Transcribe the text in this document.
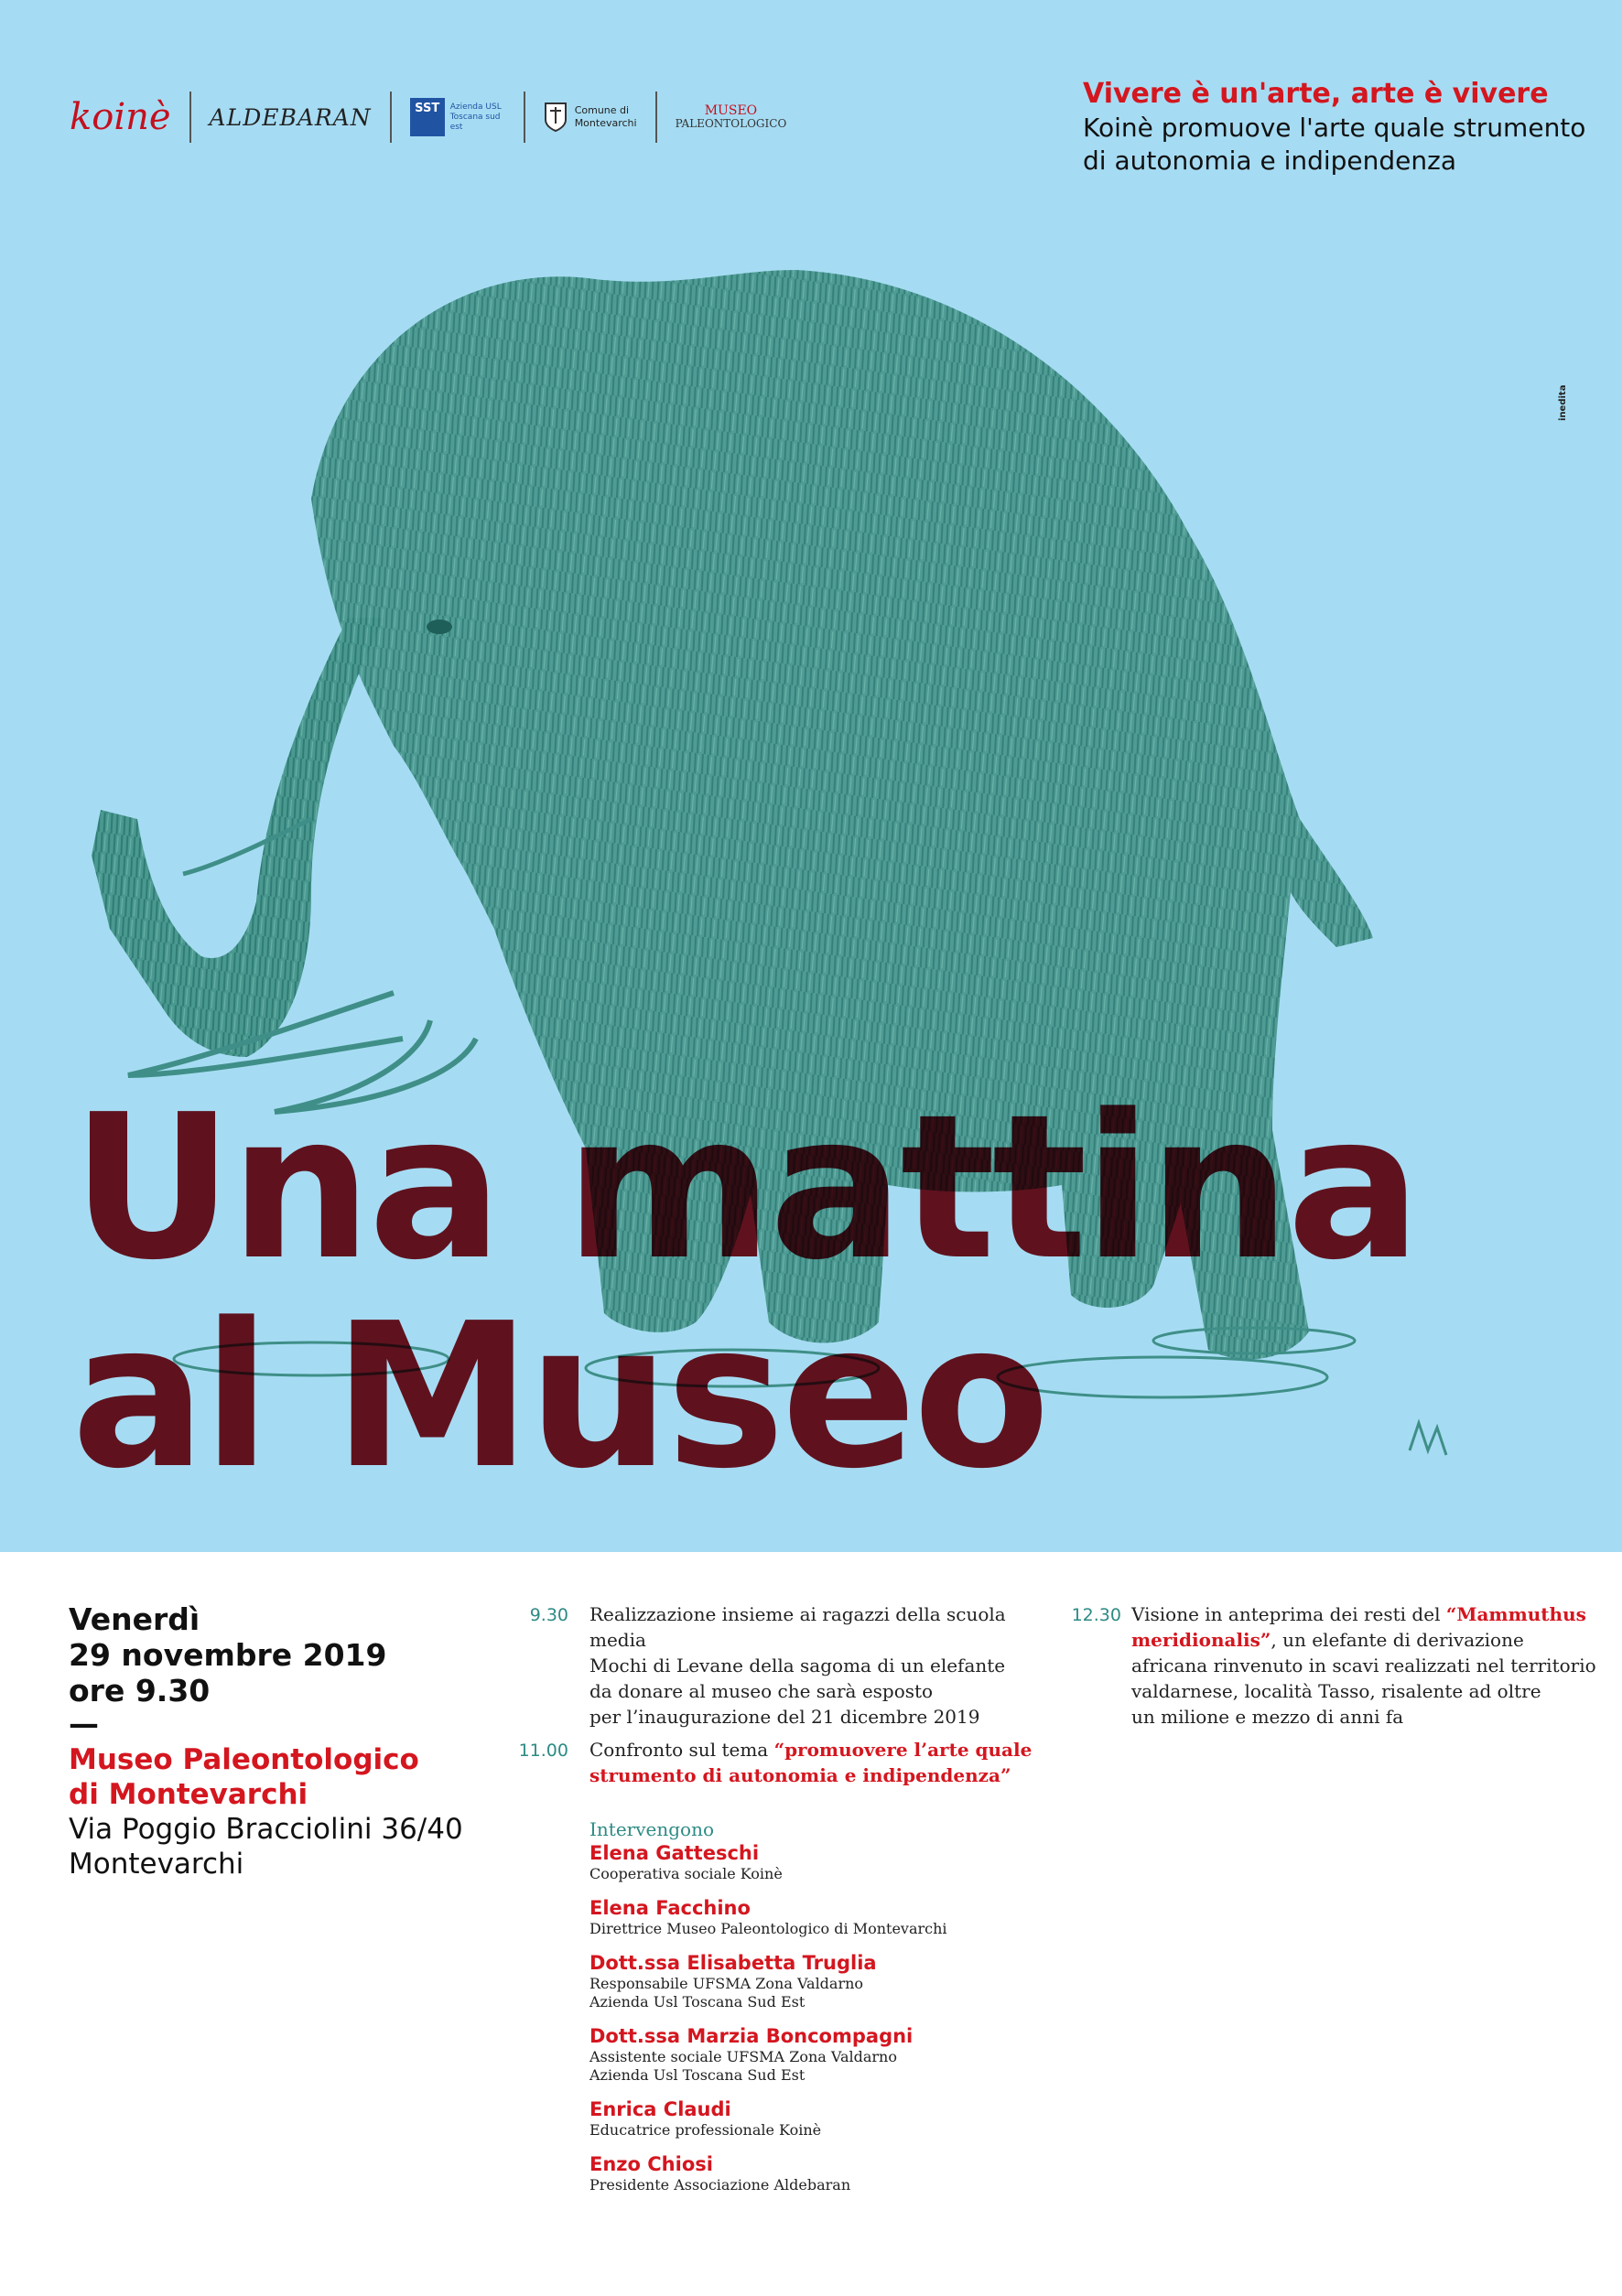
koinè	ALDEBARAN	SST	Azienda USL Toscana sud est
Comune di
Montevarchi
MUSEO
PALEONTOLOGICO
Vivere è un'arte, arte è vivere
Koinè promuove l'arte quale strumento
di autonomia e indipendenza
inedita
Una mattina
al Museo
Venerdì
29 novembre 2019
ore 9.30
—
Museo Paleontologico
di Montevarchi
Via Poggio Bracciolini 36/40
Montevarchi
9.30 Realizzazione insieme ai ragazzi della scuola media
Mochi di Levane della sagoma di un elefante
da donare al museo che sarà esposto
per l’inaugurazione del 21 dicembre 2019
11.00 Confronto sul tema “promuovere l’arte quale
strumento di autonomia e indipendenza”
12.30 Visione in anteprima dei resti del “Mammuthus
meridionalis”, un elefante di derivazione
africana rinvenuto in scavi realizzati nel territorio
valdarnese, località Tasso, risalente ad oltre
un milione e mezzo di anni fa
Intervengono
Elena Gatteschi
Cooperativa sociale Koinè
Elena Facchino
Direttrice Museo Paleontologico di Montevarchi
Dott.ssa Elisabetta Truglia
Responsabile UFSMA Zona Valdarno
Azienda Usl Toscana Sud Est
Dott.ssa Marzia Boncompagni
Assistente sociale UFSMA Zona Valdarno
Azienda Usl Toscana Sud Est
Enrica Claudi
Educatrice professionale Koinè
Enzo Chiosi
Presidente Associazione Aldebaran
